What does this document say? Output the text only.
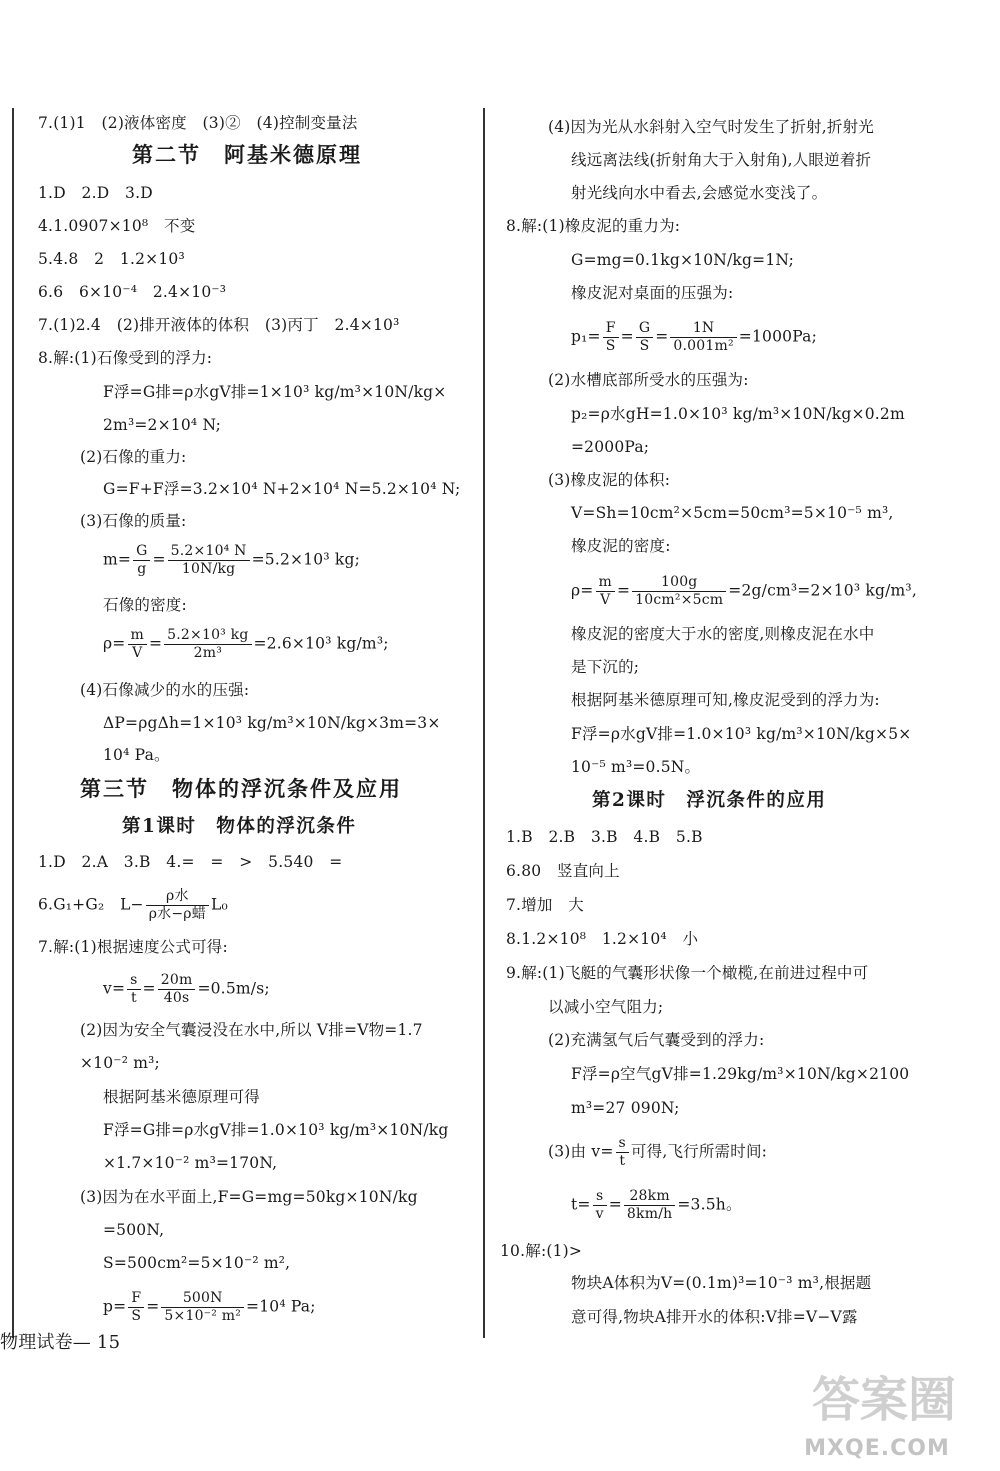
7.(1)1　(2)液体密度　(3)②　(4)控制变量法
第二节　阿基米德原理
1.D　2.D　3.D
4.1.0907×10⁸　不变
5.4.8　2　1.2×10³
6.6　6×10⁻⁴　2.4×10⁻³
7.(1)2.4　(2)排开液体的体积　(3)丙丁　2.4×10³
8.解:(1)石像受到的浮力:
F浮=G排=ρ水gV排=1×10³ kg/m³×10N/kg×
2m³=2×10⁴ N;
(2)石像的重力:
G=F+F浮=3.2×10⁴ N+2×10⁴ N=5.2×10⁴ N;
(3)石像的质量:
$m= \frac{G}{g} = \frac{\text{5.2×10⁴ N}}{10N/kg} =5.2\times 10^3$ kg;
石像的密度:
$\rho= \frac{m}{V} = \frac{\text{5.2×10³ kg}}{\text{2m³}} =2.6\times 10^3$ kg/m³;
(4)石像减少的水的压强:
ΔP=ρgΔh=1×10³ kg/m³×10N/kg×3m=3×
10⁴ Pa。
第三节　物体的浮沉条件及应用
第1课时　物体的浮沉条件
1.D　2.A　3.B　4.=　=　>　5.540　=
6.G₁+G₂　$L- \frac{\text{ρ水}}{\text{ρ水−ρ蜡}} L_0$
7.解:(1)根据速度公式可得:
$v= \frac{s}{t} = \frac{20m}{40s} =0.5m/s$;
(2)因为安全气囊浸没在水中,所以 V排=V物=1.7
×10⁻² m³;
根据阿基米德原理可得
F浮=G排=ρ水gV排=1.0×10³ kg/m³×10N/kg
×1.7×10⁻² m³=170N,
(3)因为在水平面上,F=G=mg=50kg×10N/kg
=500N,
S=500cm²=5×10⁻² m²,
$p= \frac{F}{S} = \frac{500N}{\text{5×10⁻² m²}} =10^4$ Pa;
(4)因为光从水斜射入空气时发生了折射,折射光
线远离法线(折射角大于入射角),人眼逆着折
射光线向水中看去,会感觉水变浅了。
8.解:(1)橡皮泥的重力为:
G=mg=0.1kg×10N/kg=1N;
橡皮泥对桌面的压强为:
$p_1= \frac{F}{S} = \frac{G}{S} = \frac{1N}{\text{0.001m²}} =1000Pa$;
(2)水槽底部所受水的压强为:
p₂=ρ水gH=1.0×10³ kg/m³×10N/kg×0.2m
=2000Pa;
(3)橡皮泥的体积:
V=Sh=10cm²×5cm=50cm³=5×10⁻⁵ m³,
橡皮泥的密度:
$\rho= \frac{m}{V} = \frac{100g}{\text{10cm²×5cm}} =2g/cm^3=2\times 10^3$ kg/m³,
橡皮泥的密度大于水的密度,则橡皮泥在水中
是下沉的;
根据阿基米德原理可知,橡皮泥受到的浮力为:
F浮=ρ水gV排=1.0×10³ kg/m³×10N/kg×5×
10⁻⁵ m³=0.5N。
第2课时　浮沉条件的应用
1.B　2.B　3.B　4.B　5.B
6.80　竖直向上
7.增加　大
8.1.2×10⁸　1.2×10⁴　小
9.解:(1)飞艇的气囊形状像一个橄榄,在前进过程中可
以减小空气阻力;
(2)充满氢气后气囊受到的浮力:
F浮=ρ空气gV排=1.29kg/m³×10N/kg×2100
m³=27 090N;
(3)由 $v= \frac{s}{t}$ 可得,飞行所需时间:
$t= \frac{s}{v} = \frac{28km}{8km/h} =3.5h$。
10.解:(1)>
物块A体积为V=(0.1m)³=10⁻³ m³,根据题
意可得,物块A排开水的体积:V排=V−V露
物理试卷— 15
答案圈
MXQE.COM
